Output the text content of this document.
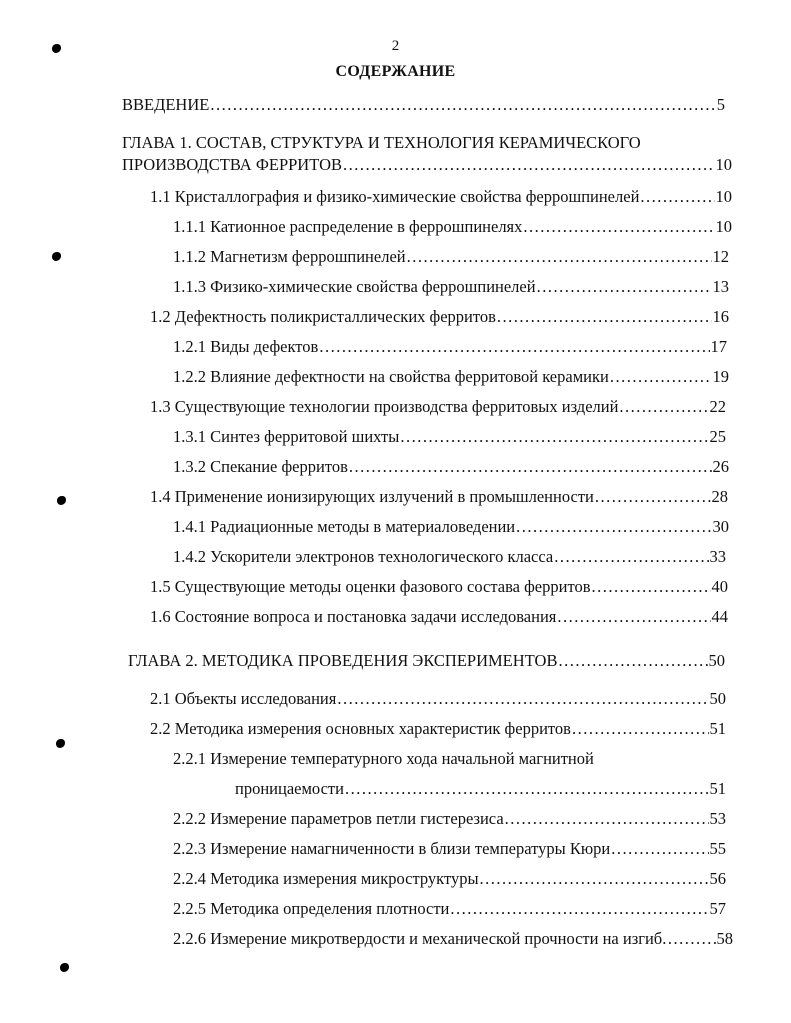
2
СОДЕРЖАНИЕ
ВВЕДЕНИЕ .....	5
ГЛАВА 1. СОСТАВ, СТРУКТУРА И ТЕХНОЛОГИЯ КЕРАМИЧЕСКОГО
ПРОИЗВОДСТВА ФЕРРИТОВ .....	10
1.1 Кристаллография и физико-химические свойства феррошпинелей .....	10
1.1.1 Катионное распределение в феррошпинелях .....	10
1.1.2 Магнетизм феррошпинелей .....	12
1.1.3 Физико-химические свойства феррошпинелей .....	13
1.2 Дефектность поликристаллических ферритов .....	16
1.2.1 Виды дефектов .....	17
1.2.2 Влияние дефектности на свойства ферритовой керамики .....	19
1.3 Существующие технологии производства ферритовых изделий .....	22
1.3.1 Синтез ферритовой шихты .....	25
1.3.2 Спекание ферритов .....	26
1.4 Применение ионизирующих излучений в промышленности .....	28
1.4.1 Радиационные методы в материаловедении .....	30
1.4.2 Ускорители электронов технологического класса .....	33
1.5 Существующие методы оценки фазового состава ферритов .....	40
1.6 Состояние вопроса и постановка задачи исследования .....	44
ГЛАВА 2. МЕТОДИКА ПРОВЕДЕНИЯ ЭКСПЕРИМЕНТОВ .....	50
2.1 Объекты исследования .....	50
2.2 Методика измерения основных характеристик ферритов .....	51
2.2.1 Измерение температурного хода начальной магнитной
проницаемости .....	51
2.2.2 Измерение параметров петли гистерезиса .....	53
2.2.3 Измерение намагниченности в близи температуры Кюри .....	55
2.2.4 Методика измерения микроструктуры .....	56
2.2.5 Методика определения плотности .....	57
2.2.6 Измерение микротвердости и механической прочности на изгиб .....	58
